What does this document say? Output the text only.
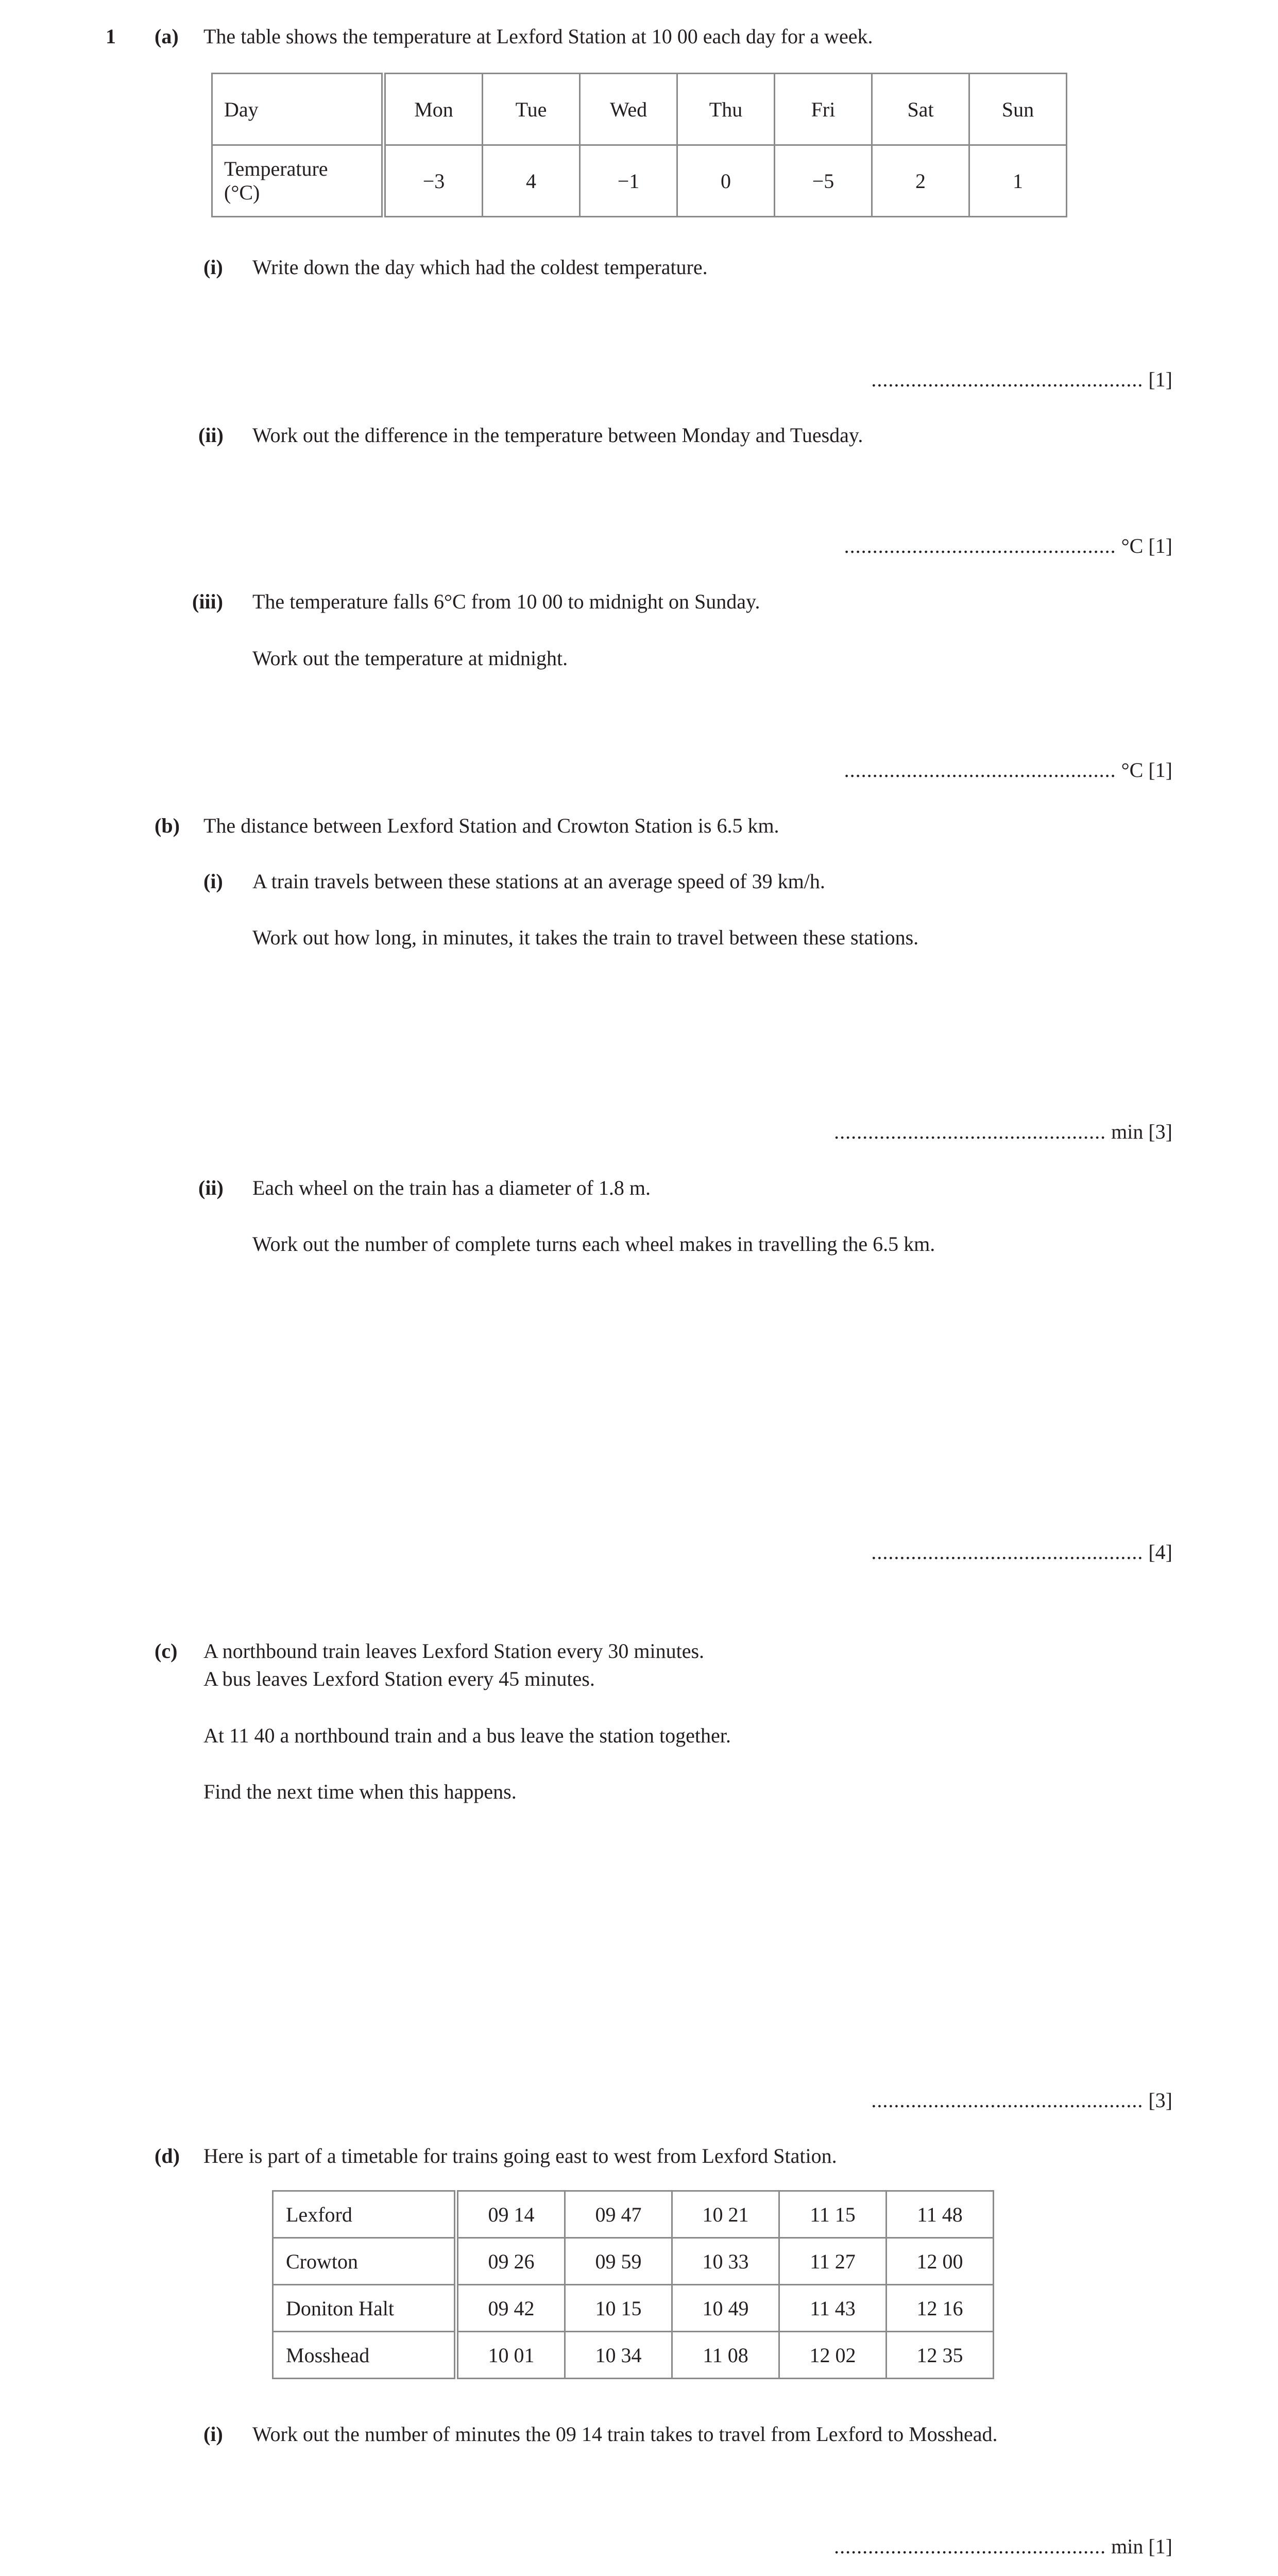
1 (a) The table shows the temperature at Lexford Station at 10 00 each day for a week.
Day	Mon	Tue	Wed	Thu	Fri	Sat	Sun

Temperature
(°C)	−3	4	−1	0	−5	2	1
(i) Write down the day which had the coldest temperature.
................................................ [1]
(ii) Work out the difference in the temperature between Monday and Tuesday.
................................................ °C [1]
(iii) The temperature falls 6°C from 10 00 to midnight on Sunday.
Work out the temperature at midnight.
................................................ °C [1]
(b) The distance between Lexford Station and Crowton Station is 6.5 km.
(i) A train travels between these stations at an average speed of 39 km/h.
Work out how long, in minutes, it takes the train to travel between these stations.
................................................ min [3]
(ii) Each wheel on the train has a diameter of 1.8 m.
Work out the number of complete turns each wheel makes in travelling the 6.5 km.
................................................ [4]
(c) A northbound train leaves Lexford Station every 30 minutes.
A bus leaves Lexford Station every 45 minutes.
At 11 40 a northbound train and a bus leave the station together.
Find the next time when this happens.
................................................ [3]
(d) Here is part of a timetable for trains going east to west from Lexford Station.
Lexford	09 14	09 47	10 21	11 15	11 48
Crowton	09 26	09 59	10 33	11 27	12 00
Doniton Halt	09 42	10 15	10 49	11 43	12 16
Mosshead	10 01	10 34	11 08	12 02	12 35
(i) Work out the number of minutes the 09 14 train takes to travel from Lexford to Mosshead.
................................................ min [1]
